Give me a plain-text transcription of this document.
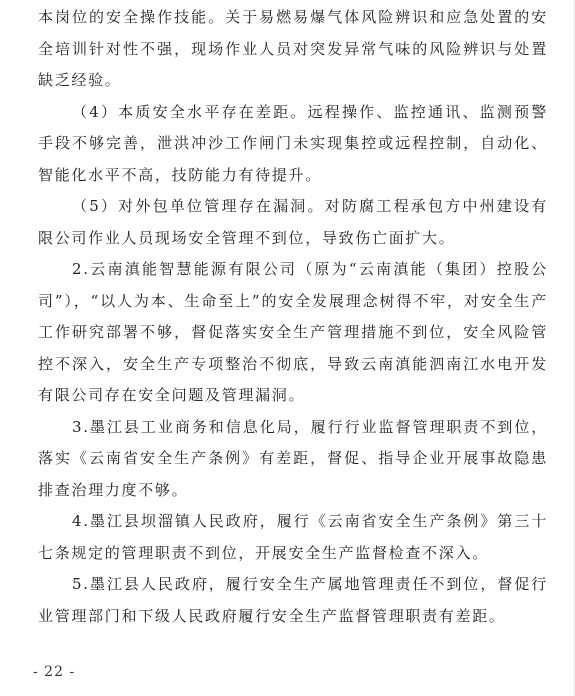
本岗位的安全操作技能。关于易燃易爆气体风险辨识和应急处置的安全培训针对性不强，现场作业人员对突发异常气味的风险辨识与处置缺乏经验。

（4）本质安全水平存在差距。远程操作、监控通讯、监测预警手段不够完善，泄洪冲沙工作闸门未实现集控或远程控制，自动化、智能化水平不高，技防能力有待提升。

（5）对外包单位管理存在漏洞。对防腐工程承包方中州建设有限公司作业人员现场安全管理不到位，导致伤亡面扩大。

2.云南滇能智慧能源有限公司（原为“云南滇能（集团）控股公司”），“以人为本、生命至上”的安全发展理念树得不牢，对安全生产工作研究部署不够，督促落实安全生产管理措施不到位，安全风险管控不深入，安全生产专项整治不彻底，导致云南滇能泗南江水电开发有限公司存在安全问题及管理漏洞。

3.墨江县工业商务和信息化局，履行行业监督管理职责不到位，落实《云南省安全生产条例》有差距，督促、指导企业开展事故隐患排查治理力度不够。

4.墨江县坝溜镇人民政府，履行《云南省安全生产条例》第三十七条规定的管理职责不到位，开展安全生产监督检查不深入。

5.墨江县人民政府，履行安全生产属地管理责任不到位，督促行业管理部门和下级人民政府履行安全生产监督管理职责有差距。

- 22 -
